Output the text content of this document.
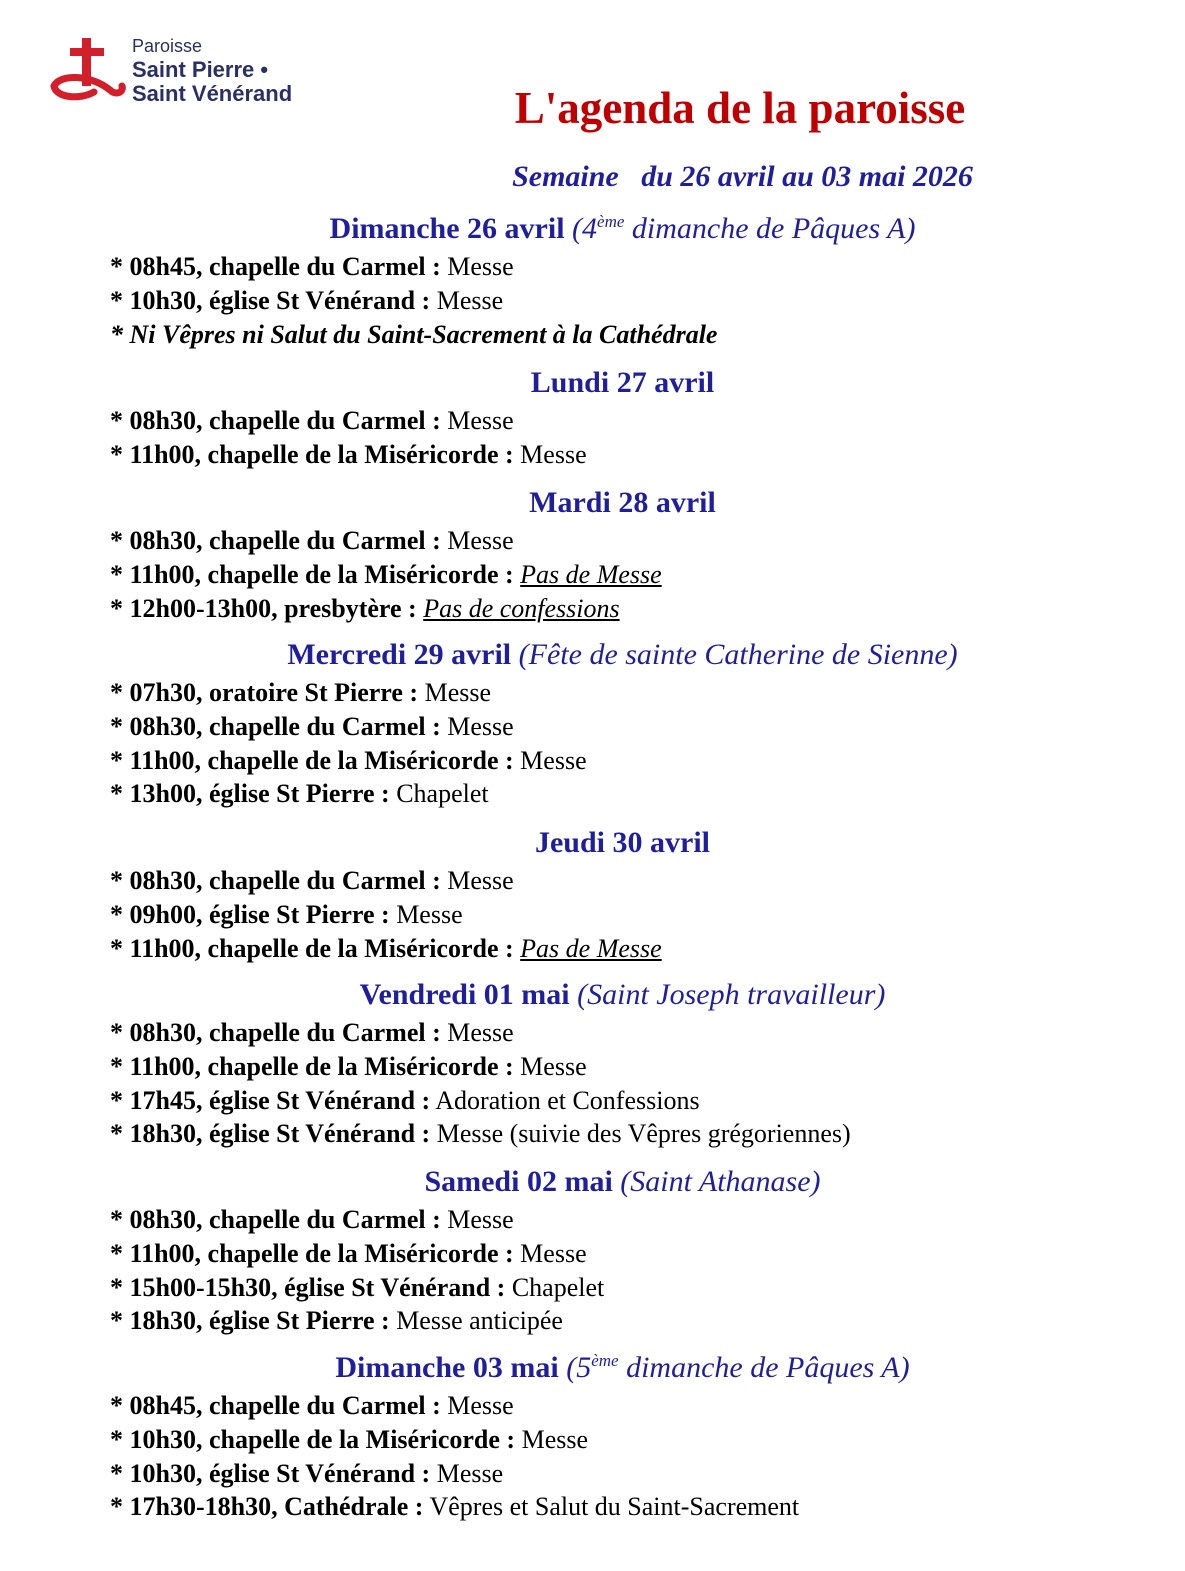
Paroisse
Saint Pierre •
Saint Vénérand	L'agenda de la paroisse
Semaine   du 26 avril au 03 mai 2026
Dimanche 26 avril (4ème dimanche de Pâques A)
* 08h45, chapelle du Carmel : Messe
* 10h30, église St Vénérand : Messe
* Ni Vêpres ni Salut du Saint-Sacrement à la Cathédrale
Lundi 27 avril
* 08h30, chapelle du Carmel : Messe
* 11h00, chapelle de la Miséricorde : Messe
Mardi 28 avril
* 08h30, chapelle du Carmel : Messe
* 11h00, chapelle de la Miséricorde : Pas de Messe
* 12h00-13h00, presbytère : Pas de confessions
Mercredi 29 avril (Fête de sainte Catherine de Sienne)
* 07h30, oratoire St Pierre : Messe
* 08h30, chapelle du Carmel : Messe
* 11h00, chapelle de la Miséricorde : Messe
* 13h00, église St Pierre : Chapelet
Jeudi 30 avril
* 08h30, chapelle du Carmel : Messe
* 09h00, église St Pierre : Messe
* 11h00, chapelle de la Miséricorde : Pas de Messe
Vendredi 01 mai (Saint Joseph travailleur)
* 08h30, chapelle du Carmel : Messe
* 11h00, chapelle de la Miséricorde : Messe
* 17h45, église St Vénérand : Adoration et Confessions
* 18h30, église St Vénérand : Messe (suivie des Vêpres grégoriennes)
Samedi 02 mai (Saint Athanase)
* 08h30, chapelle du Carmel : Messe
* 11h00, chapelle de la Miséricorde : Messe
* 15h00-15h30, église St Vénérand : Chapelet
* 18h30, église St Pierre : Messe anticipée
Dimanche 03 mai (5ème dimanche de Pâques A)
* 08h45, chapelle du Carmel : Messe
* 10h30, chapelle de la Miséricorde : Messe
* 10h30, église St Vénérand : Messe
* 17h30-18h30, Cathédrale : Vêpres et Salut du Saint-Sacrement
